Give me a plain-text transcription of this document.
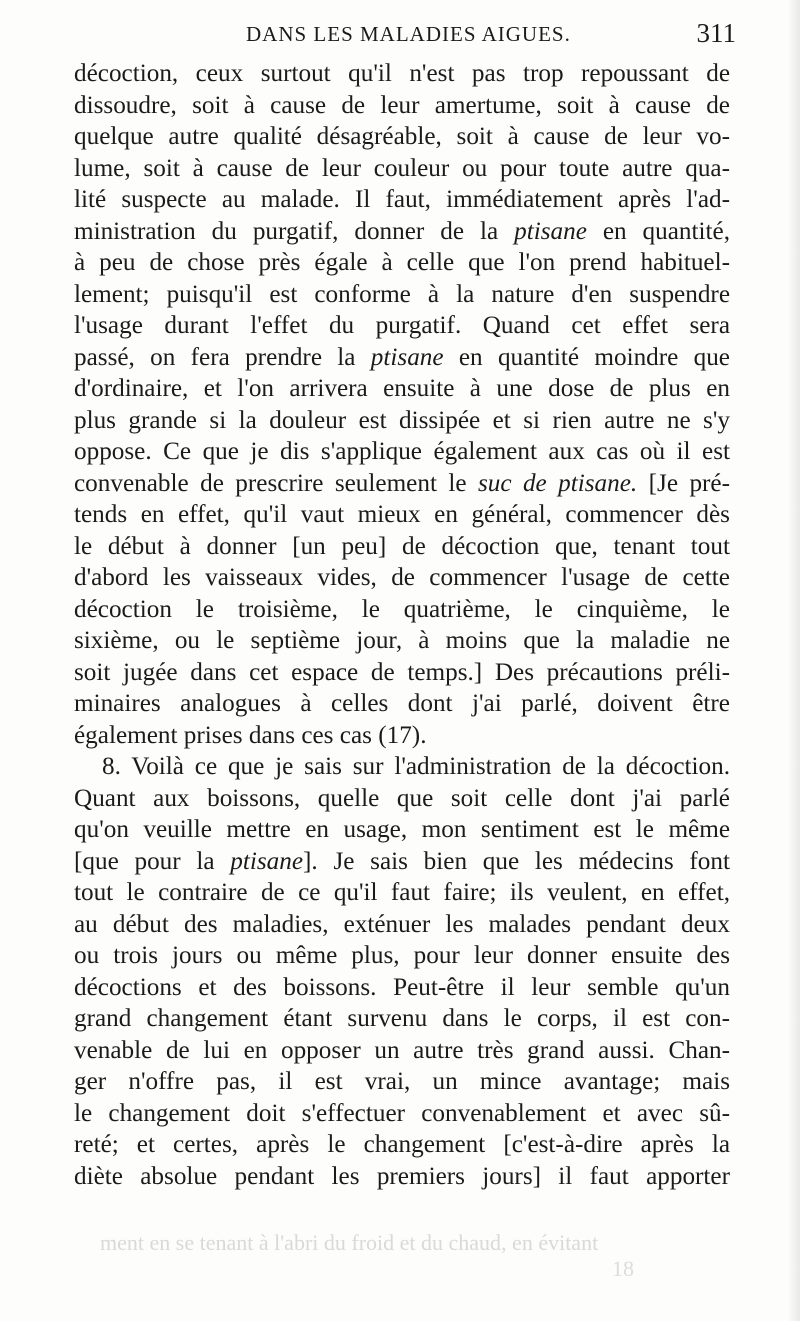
DANS LES MALADIES AIGUES.	311
décoction, ceux surtout qu'il n'est pas trop repoussant de
dissoudre, soit à cause de leur amertume, soit à cause de
quelque autre qualité désagréable, soit à cause de leur vo-
lume, soit à cause de leur couleur ou pour toute autre qua-
lité suspecte au malade. Il faut, immédiatement après l'ad-
ministration du purgatif, donner de la ptisane en quantité,
à peu de chose près égale à celle que l'on prend habituel-
lement; puisqu'il est conforme à la nature d'en suspendre
l'usage durant l'effet du purgatif. Quand cet effet sera
passé, on fera prendre la ptisane en quantité moindre que
d'ordinaire, et l'on arrivera ensuite à une dose de plus en
plus grande si la douleur est dissipée et si rien autre ne s'y
oppose. Ce que je dis s'applique également aux cas où il est
convenable de prescrire seulement le suc de ptisane. [Je pré-
tends en effet, qu'il vaut mieux en général, commencer dès
le début à donner [un peu] de décoction que, tenant tout
d'abord les vaisseaux vides, de commencer l'usage de cette
décoction le troisième, le quatrième, le cinquième, le
sixième, ou le septième jour, à moins que la maladie ne
soit jugée dans cet espace de temps.] Des précautions préli-
minaires analogues à celles dont j'ai parlé, doivent être
également prises dans ces cas (17).
8. Voilà ce que je sais sur l'administration de la décoction.
Quant aux boissons, quelle que soit celle dont j'ai parlé
qu'on veuille mettre en usage, mon sentiment est le même
[que pour la ptisane]. Je sais bien que les médecins font
tout le contraire de ce qu'il faut faire; ils veulent, en effet,
au début des maladies, exténuer les malades pendant deux
ou trois jours ou même plus, pour leur donner ensuite des
décoctions et des boissons. Peut-être il leur semble qu'un
grand changement étant survenu dans le corps, il est con-
venable de lui en opposer un autre très grand aussi. Chan-
ger n'offre pas, il est vrai, un mince avantage; mais
le changement doit s'effectuer convenablement et avec sû-
reté; et certes, après le changement [c'est-à-dire après la
diète absolue pendant les premiers jours] il faut apporter
ment en se tenant à l'abri du froid et du chaud, en évitant
18
